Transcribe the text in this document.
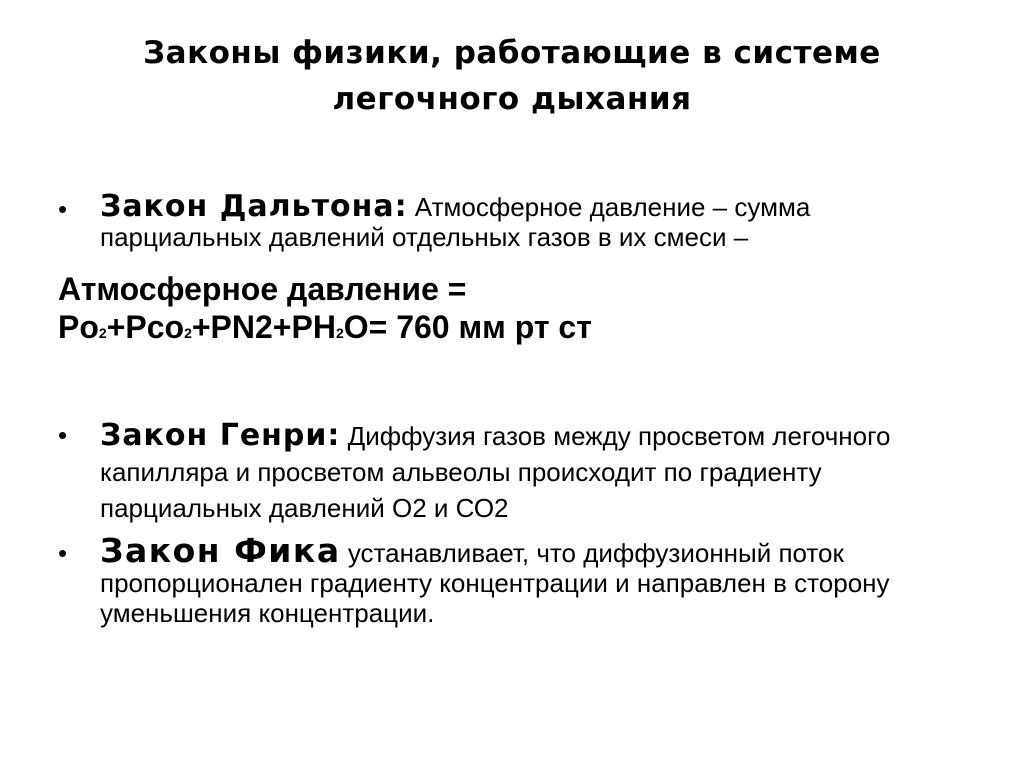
Законы физики, работающие в системе
легочного дыхания
• Закон Дальтона: Атмосферное давление – сумма парциальных давлений отдельных газов в их смеси –
Атмосферное давление =
Po2+Pco2+PN2+PH2O= 760 мм рт ст
• Закон Генри: Диффузия газов между просветом легочного капилляра и просветом альвеолы происходит по градиенту парциальных давлений О2 и СО2
• Закон Фика устанавливает, что диффузионный поток пропорционален градиенту концентрации и направлен в сторону уменьшения концентрации.
